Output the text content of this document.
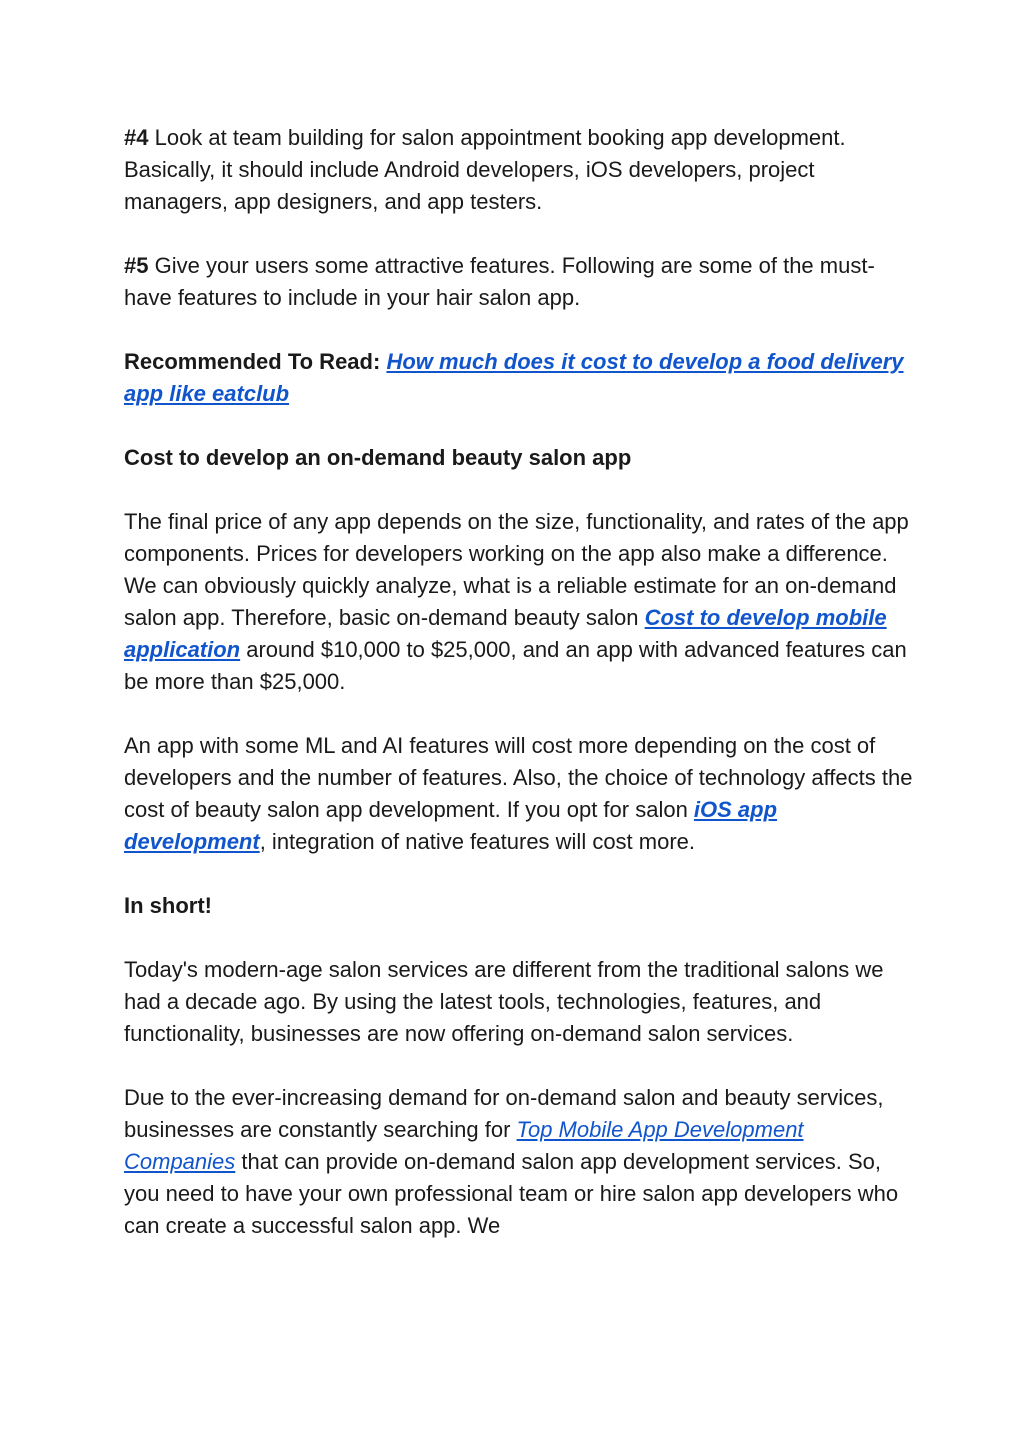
#4 Look at team building for salon appointment booking app development. Basically, it should include Android developers, iOS developers, project managers, app designers, and app testers.

#5 Give your users some attractive features. Following are some of the must-have features to include in your hair salon app.

Recommended To Read: How much does it cost to develop a food delivery app like eatclub

Cost to develop an on-demand beauty salon app

The final price of any app depends on the size, functionality, and rates of the app components. Prices for developers working on the app also make a difference. We can obviously quickly analyze, what is a reliable estimate for an on-demand salon app. Therefore, basic on-demand beauty salon Cost to develop mobile application around $10,000 to $25,000, and an app with advanced features can be more than $25,000.

An app with some ML and AI features will cost more depending on the cost of developers and the number of features. Also, the choice of technology affects the cost of beauty salon app development. If you opt for salon iOS app development, integration of native features will cost more.

In short!

Today's modern-age salon services are different from the traditional salons we had a decade ago. By using the latest tools, technologies, features, and functionality, businesses are now offering on-demand salon services.

Due to the ever-increasing demand for on-demand salon and beauty services, businesses are constantly searching for Top Mobile App Development Companies that can provide on-demand salon app development services. So, you need to have your own professional team or hire salon app developers who can create a successful salon app. We
